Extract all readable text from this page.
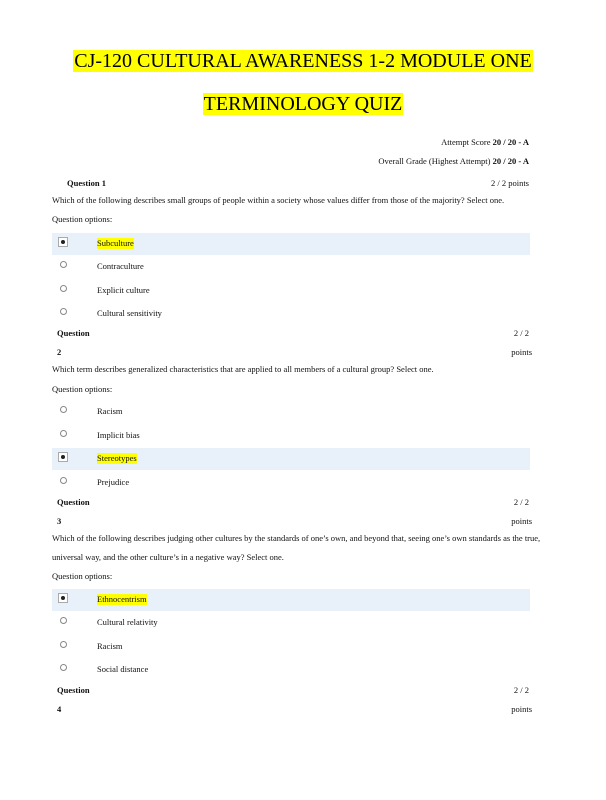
CJ-120 CULTURAL AWARENESS 1-2 MODULE ONE
TERMINOLOGY QUIZ
Attempt Score 20 / 20 - A
Overall Grade (Highest Attempt) 20 / 20 - A
Question 1	2 / 2 points
Which of the following describes small groups of people within a society whose values differ from those of the majority? Select one.
Question options:
Subculture
Contraculture
Explicit culture
Cultural sensitivity
Question	2 / 2
2	points
Which term describes generalized characteristics that are applied to all members of a cultural group? Select one.
Question options:
Racism
Implicit bias
Stereotypes
Prejudice
Question	2 / 2
3	points
Which of the following describes judging other cultures by the standards of one’s own, and beyond that, seeing one’s own standards as the true, universal way, and the other culture’s in a negative way? Select one.
Question options:
Ethnocentrism
Cultural relativity
Racism
Social distance
Question	2 / 2
4	points
